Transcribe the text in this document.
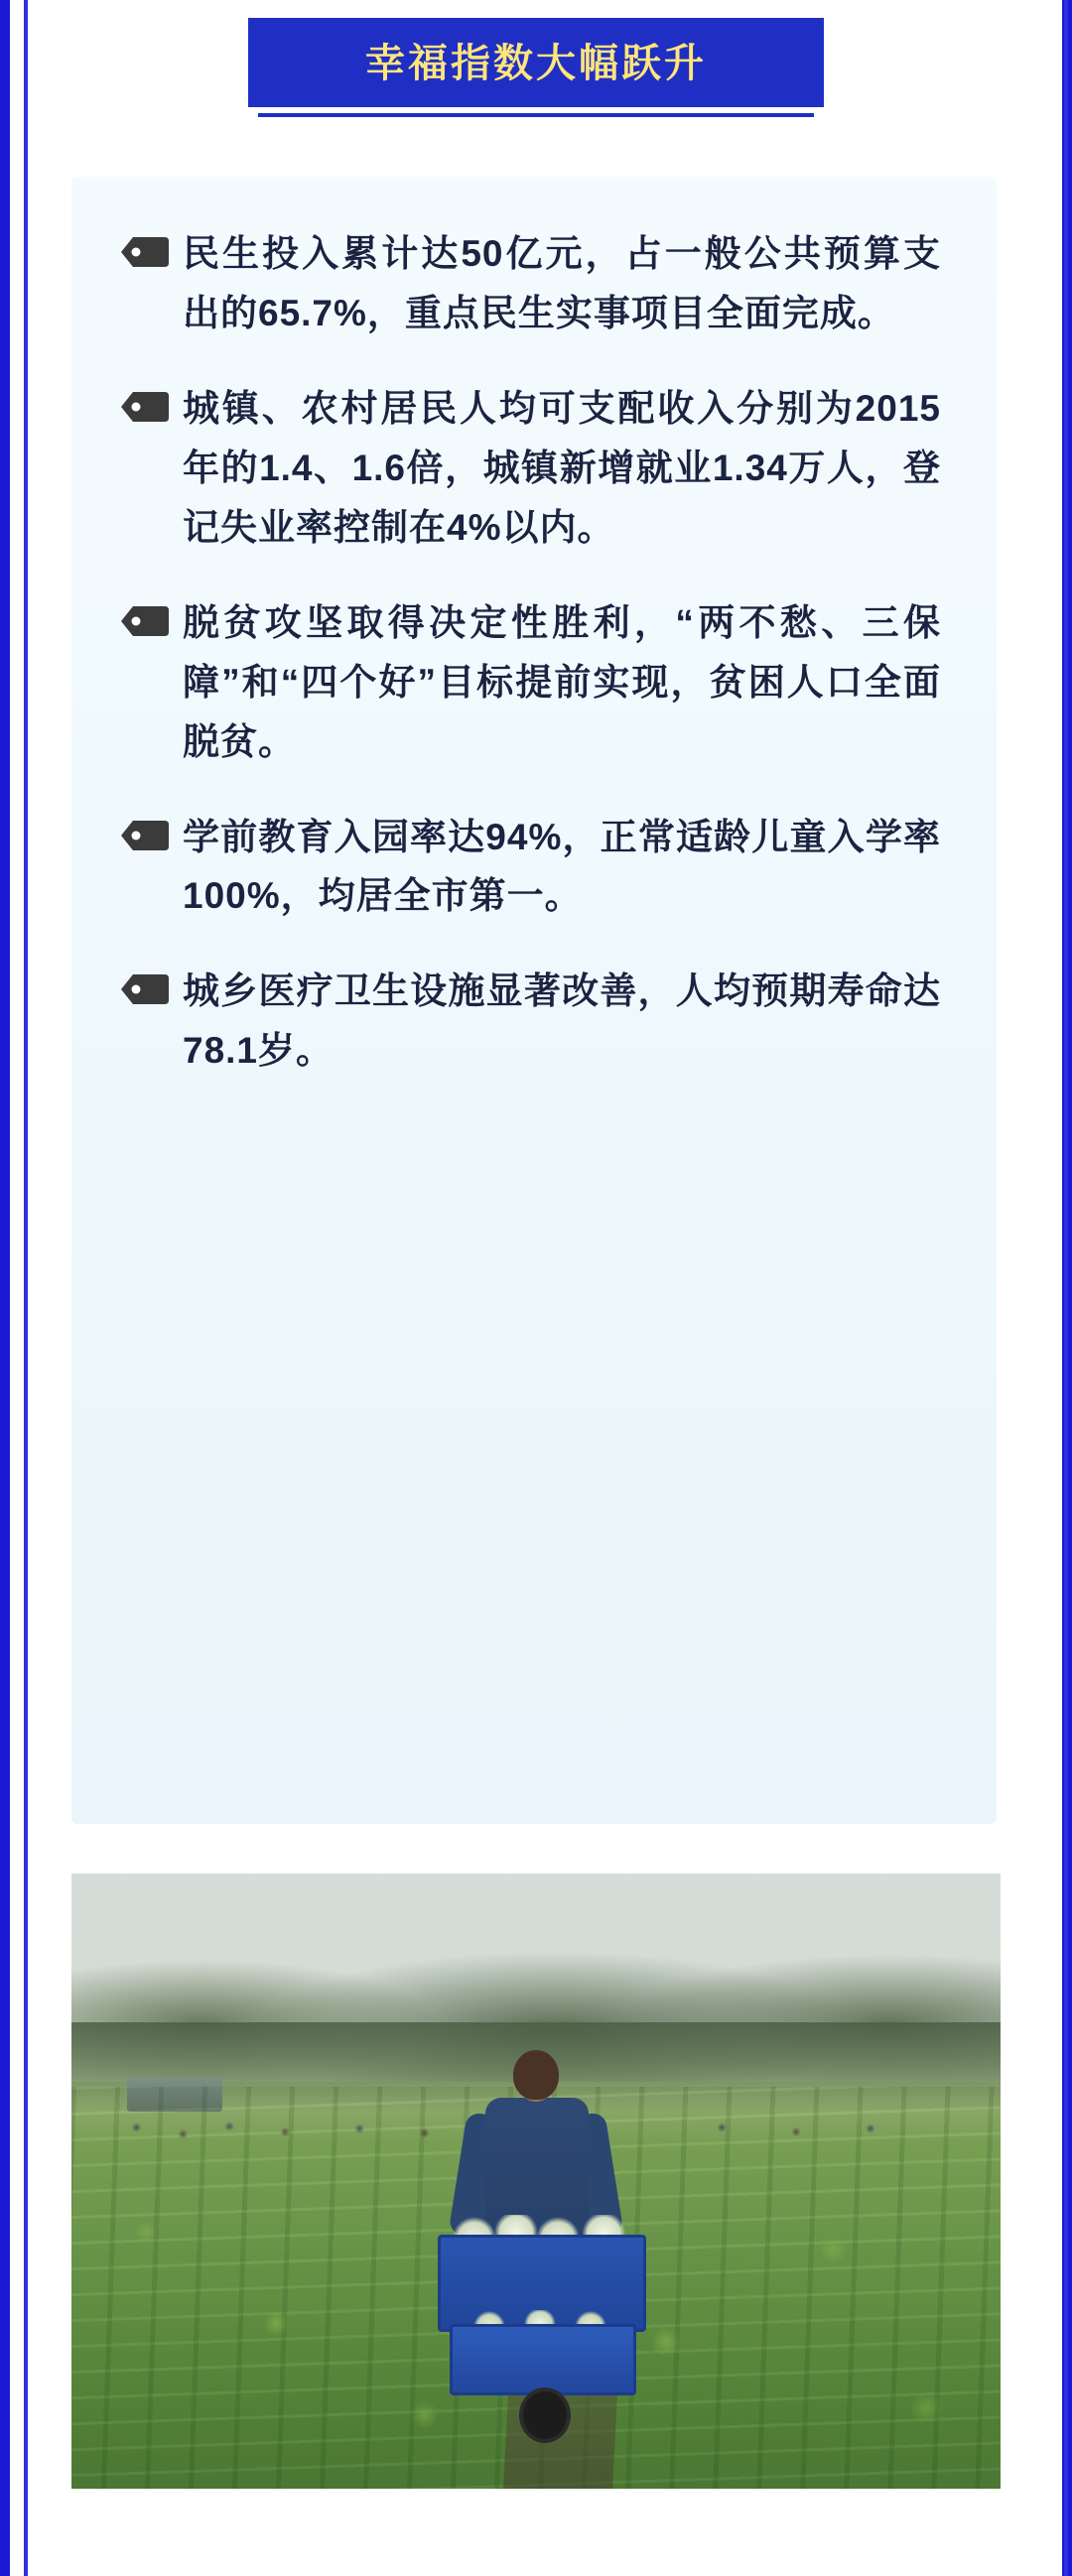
幸福指数大幅跃升
民生投入累计达50亿元，占一般公共预算支出的65.7%，重点民生实事项目全面完成。
城镇、农村居民人均可支配收入分别为2015年的1.4、1.6倍，城镇新增就业1.34万人，登记失业率控制在4%以内。
脱贫攻坚取得决定性胜利，“两不愁、三保障”和“四个好”目标提前实现，贫困人口全面脱贫。
学前教育入园率达94%，正常适龄儿童入学率100%，均居全市第一。
城乡医疗卫生设施显著改善，人均预期寿命达78.1岁。
